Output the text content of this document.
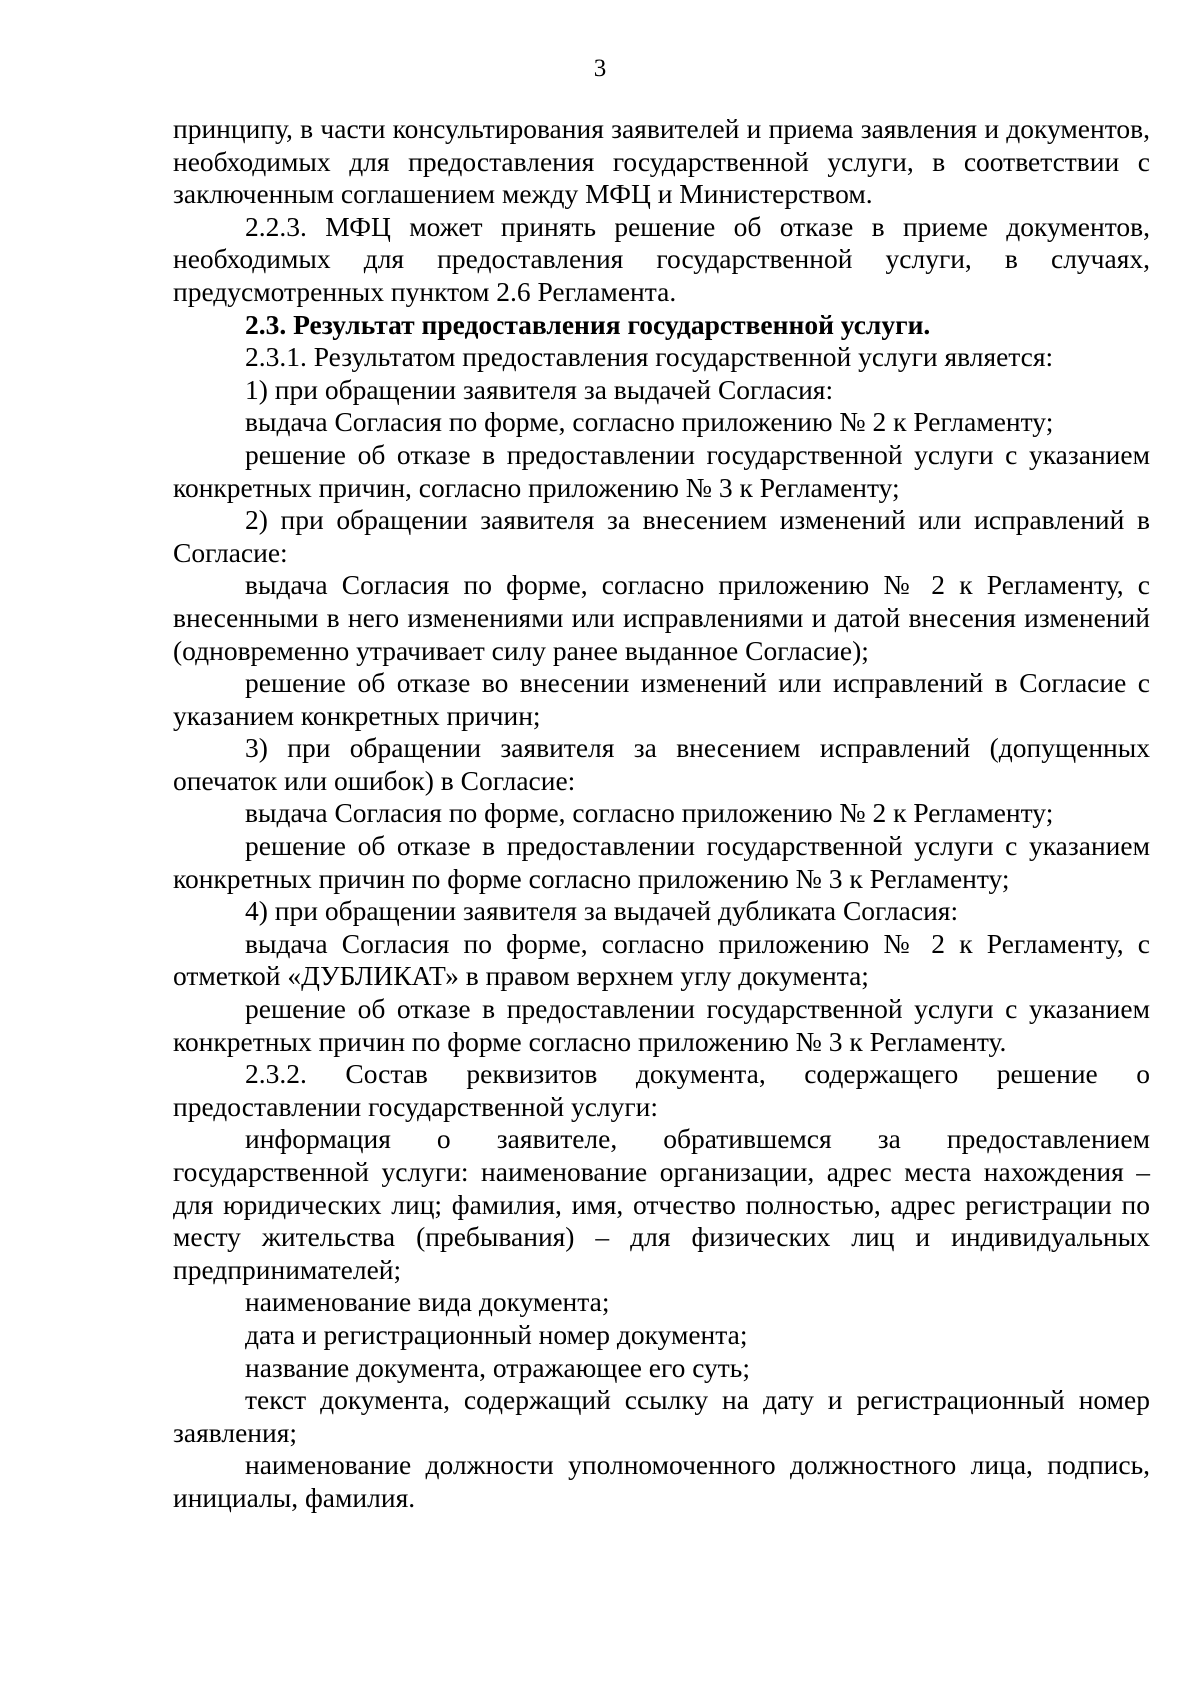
3

принципу, в части консультирования заявителей и приема заявления и документов, необходимых для предоставления государственной услуги, в соответствии с заключенным соглашением между МФЦ и Министерством.

2.2.3. МФЦ может принять решение об отказе в приеме документов, необходимых для предоставления государственной услуги, в случаях, предусмотренных пунктом 2.6 Регламента.

2.3. Результат предоставления государственной услуги.

2.3.1. Результатом предоставления государственной услуги является:

1) при обращении заявителя за выдачей Согласия:

выдача Согласия по форме, согласно приложению № 2 к Регламенту;

решение об отказе в предоставлении государственной услуги с указанием конкретных причин, согласно приложению № 3 к Регламенту;

2) при обращении заявителя за внесением изменений или исправлений в Согласие:

выдача Согласия по форме, согласно приложению № 2 к Регламенту, с внесенными в него изменениями или исправлениями и датой внесения изменений (одновременно утрачивает силу ранее выданное Согласие);

решение об отказе во внесении изменений или исправлений в Согласие с указанием конкретных причин;

3) при обращении заявителя за внесением исправлений (допущенных опечаток или ошибок) в Согласие:

выдача Согласия по форме, согласно приложению № 2 к Регламенту;

решение об отказе в предоставлении государственной услуги с указанием конкретных причин по форме согласно приложению № 3 к Регламенту;

4) при обращении заявителя за выдачей дубликата Согласия:

выдача Согласия по форме, согласно приложению № 2 к Регламенту, с отметкой «ДУБЛИКАТ» в правом верхнем углу документа;

решение об отказе в предоставлении государственной услуги с указанием конкретных причин по форме согласно приложению № 3 к Регламенту.

2.3.2. Состав реквизитов документа, содержащего решение о предоставлении государственной услуги:

информация о заявителе, обратившемся за предоставлением государственной услуги: наименование организации, адрес места нахождения – для юридических лиц; фамилия, имя, отчество полностью, адрес регистрации по месту жительства (пребывания) – для физических лиц и индивидуальных предпринимателей;

наименование вида документа;

дата и регистрационный номер документа;

название документа, отражающее его суть;

текст документа, содержащий ссылку на дату и регистрационный номер заявления;

наименование должности уполномоченного должностного лица, подпись, инициалы, фамилия.
